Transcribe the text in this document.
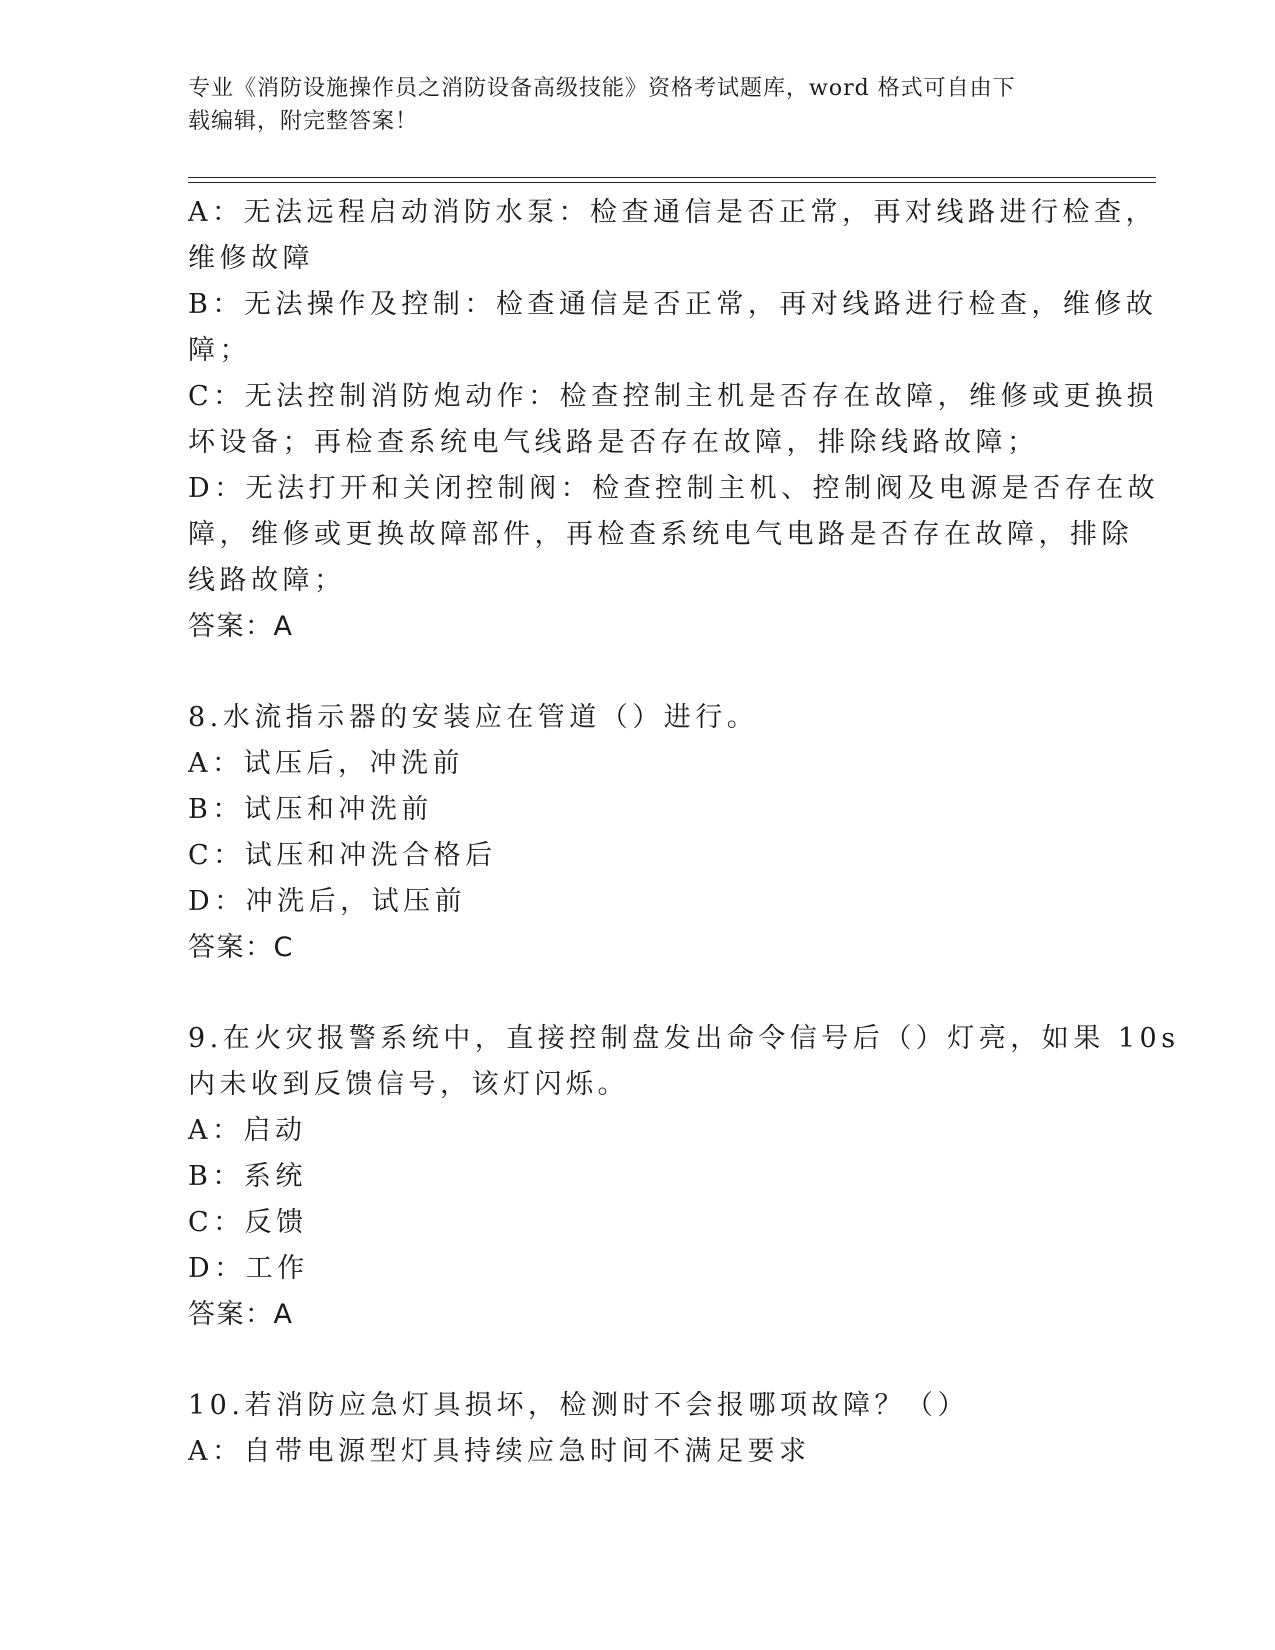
专业《消防设施操作员之消防设备高级技能》资格考试题库，word 格式可自由下
载编辑，附完整答案！
A：无法远程启动消防水泵：检查通信是否正常，再对线路进行检查，
维修故障
B：无法操作及控制：检查通信是否正常，再对线路进行检查，维修故
障；
C：无法控制消防炮动作：检查控制主机是否存在故障，维修或更换损
坏设备；再检查系统电气线路是否存在故障，排除线路故障；
D：无法打开和关闭控制阀：检查控制主机、控制阀及电源是否存在故
障，维修或更换故障部件，再检查系统电气电路是否存在故障，排除
线路故障；
答案：A
8.水流指示器的安装应在管道（）进行。
A：试压后，冲洗前
B：试压和冲洗前
C：试压和冲洗合格后
D：冲洗后，试压前
答案：C
9.在火灾报警系统中，直接控制盘发出命令信号后（）灯亮，如果 10s
内未收到反馈信号，该灯闪烁。
A：启动
B：系统
C：反馈
D：工作
答案：A
10.若消防应急灯具损坏，检测时不会报哪项故障？（）
A：自带电源型灯具持续应急时间不满足要求
